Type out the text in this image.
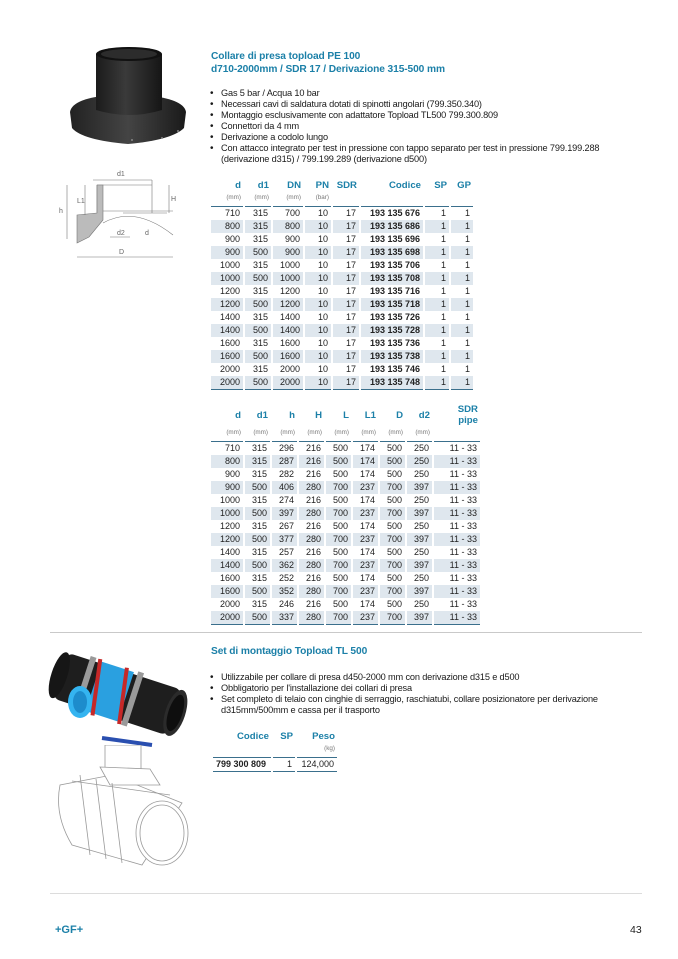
d1
h
L1	H
d2	d
D
Collare di presa topload PE 100
d710-2000mm / SDR 17 / Derivazione 315-500 mm
• Gas 5 bar / Acqua 10 bar
• Necessari cavi di saldatura dotati di spinotti angolari (799.350.340)
• Montaggio esclusivamente con adattatore Topload TL500 799.300.809
• Connettori da 4 mm
• Derivazione a codolo lungo
• Con attacco integrato per test in pressione con tappo separato per test in pressione 799.199.288 (derivazione d315) / 799.199.289 (derivazione d500)
d	d1	DN	PN	SDR	Codice	SP	GP
(mm)	(mm)	(mm)	(bar)				
710	315	700	10	17	193 135 676	1	1
800	315	800	10	17	193 135 686	1	1
900	315	900	10	17	193 135 696	1	1
900	500	900	10	17	193 135 698	1	1
1000	315	1000	10	17	193 135 706	1	1
1000	500	1000	10	17	193 135 708	1	1
1200	315	1200	10	17	193 135 716	1	1
1200	500	1200	10	17	193 135 718	1	1
1400	315	1400	10	17	193 135 726	1	1
1400	500	1400	10	17	193 135 728	1	1
1600	315	1600	10	17	193 135 736	1	1
1600	500	1600	10	17	193 135 738	1	1
2000	315	2000	10	17	193 135 746	1	1
2000	500	2000	10	17	193 135 748	1	1
d	d1	h	H	L	L1	D	d2	SDR pipe
(mm)	(mm)	(mm)	(mm)	(mm)	(mm)	(mm)	(mm)	
710	315	296	216	500	174	500	250	11 - 33
800	315	287	216	500	174	500	250	11 - 33
900	315	282	216	500	174	500	250	11 - 33
900	500	406	280	700	237	700	397	11 - 33
1000	315	274	216	500	174	500	250	11 - 33
1000	500	397	280	700	237	700	397	11 - 33
1200	315	267	216	500	174	500	250	11 - 33
1200	500	377	280	700	237	700	397	11 - 33
1400	315	257	216	500	174	500	250	11 - 33
1400	500	362	280	700	237	700	397	11 - 33
1600	315	252	216	500	174	500	250	11 - 33
1600	500	352	280	700	237	700	397	11 - 33
2000	315	246	216	500	174	500	250	11 - 33
2000	500	337	280	700	237	700	397	11 - 33
Set di montaggio Topload TL 500
• Utilizzabile per collare di presa d450-2000 mm con derivazione d315 e d500
• Obbligatorio per l'installazione dei collari di presa
• Set completo di telaio con cinghie di serraggio, raschiatubi, collare posizionatore per derivazione d315mm/500mm e cassa per il trasporto
Codice	SP	Peso
		(kg)
799 300 809	1	124,000
+GF+	43
